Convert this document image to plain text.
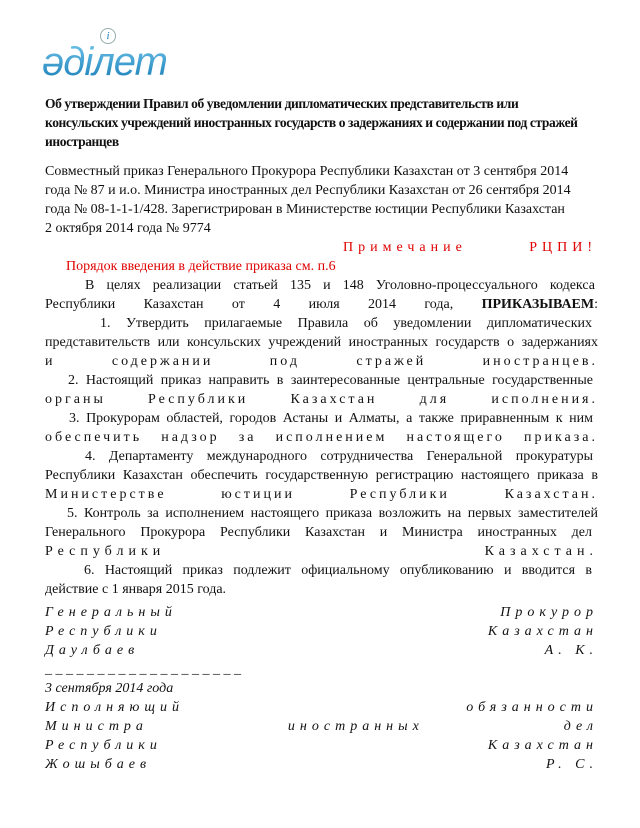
i
әділет
Об утверждении Правил об уведомлении дипломатических представительств или консульских учреждений иностранных государств о задержаниях и содержании под стражей иностранцев
Совместный приказ Генерального Прокурора Республики Казахстан от 3 сентября 2014
года № 87 и и.о. Министра иностранных дел Республики Казахстан от 26 сентября 2014
года № 08-1-1-1/428. Зарегистрирован в Министерстве юстиции Республики Казахстан
2 октября 2014 года № 9774
Примечание	РЦПИ!
Порядок введения в действие приказа см. п.6
В целях реализации статьей 135 и 148 Уголовно-процессуального кодекса
Республики Казахстан от 4 июля 2014 года, ПРИКАЗЫВАЕМ:
1. Утвердить прилагаемые Правила об уведомлении дипломатических
представительств или консульских учреждений иностранных государств о задержаниях
и содержании под стражей иностранцев.
2. Настоящий приказ направить в заинтересованные центральные государственные
органы Республики Казахстан для исполнения.
3. Прокурорам областей, городов Астаны и Алматы, а также приравненным к ним
обеспечить надзор за исполнением настоящего приказа.
4. Департаменту международного сотрудничества Генеральной прокуратуры
Республики Казахстан обеспечить государственную регистрацию настоящего приказа в
Министерстве юстиции Республики Казахстан.
5. Контроль за исполнением настоящего приказа возложить на первых заместителей
Генерального Прокурора Республики Казахстан и Министра иностранных дел
Республики Казахстан.
6. Настоящий приказ подлежит официальному опубликованию и вводится в
действие с 1 января 2015 года.
Генеральный	Прокурор
Республики	Казахстан
Даулбаев	А. К.
_ _ _ _ _ _ _ _ _ _ _ _ _ _ _ _ _ _ _
3 сентября 2014 года
Исполняющий	обязанности
Министра	иностранных	дел
Республики	Казахстан
Жошыбаев	Р. С.
